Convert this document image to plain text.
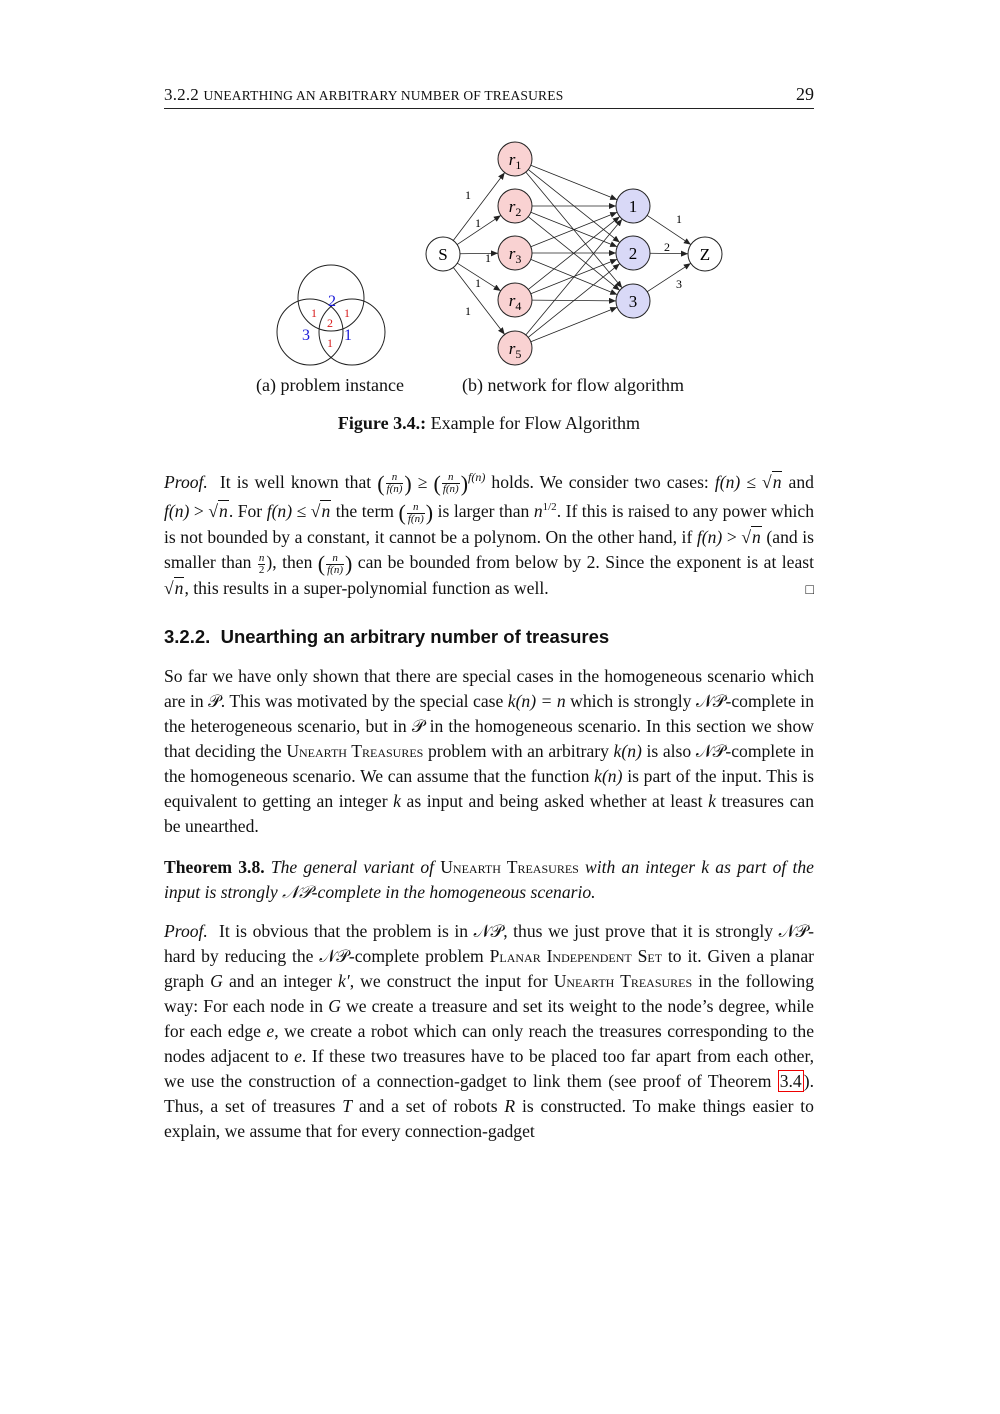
3.2.2 UNEARTHING AN ARBITRARY NUMBER OF TREASURES	29
2
3 1
1 1
2
1
1
1
1
1
1
1
2
3
S	Z
$r_1$
$r_2$
$r_3$
$r_4$
$r_5$
1
2
3
(a) problem instance	(b) network for flow algorithm
Figure 3.4.: Example for Flow Algorithm
Proof. It is well known that ( $\frac{n}{f(n)}$ ) ≥ ( $\frac{n}{f(n)} )^{f(n)}$ holds. We consider two cases: f(n) ≤ √n and f(n) > √n. For f(n) ≤ √n the term ( $\frac{n}{f(n)}$ ) is larger than $n^{1/2}$. If this is raised to any power which is not bounded by a constant, it cannot be a polynom. On the other hand, if f(n) > √n (and is smaller than $\frac{n}{2}$ ), then ( $\frac{n}{f(n)}$ ) can be bounded from below by 2. Since the exponent is at least √n, this results in a super-polynomial function as well.	□
3.2.2. Unearthing an arbitrary number of treasures
So far we have only shown that there are special cases in the homogeneous scenario which are in 𝒫. This was motivated by the special case k(n) = n which is strongly 𝒩𝒫-complete in the heterogeneous scenario, but in 𝒫 in the homogeneous scenario. In this section we show that deciding the Unearth Treasures problem with an arbitrary k(n) is also 𝒩𝒫-complete in the homogeneous scenario. We can assume that the function k(n) is part of the input. This is equivalent to getting an integer k as input and being asked whether at least k treasures can be unearthed.
Theorem 3.8. The general variant of Unearth Treasures with an integer k as part of the input is strongly 𝒩𝒫-complete in the homogeneous scenario.
Proof. It is obvious that the problem is in 𝒩𝒫, thus we just prove that it is strongly 𝒩𝒫-hard by reducing the 𝒩𝒫-complete problem Planar Independent Set to it. Given a planar graph G and an integer k′, we construct the input for Unearth Treasures in the following way: For each node in G we create a treasure and set its weight to the node’s degree, while for each edge e, we create a robot which can only reach the treasures corresponding to the nodes adjacent to e. If these two treasures have to be placed too far apart from each other, we use the construction of a connection-gadget to link them (see proof of Theorem 3.4 ). Thus, a set of treasures T and a set of robots R is constructed. To make things easier to explain, we assume that for every connection-gadget
